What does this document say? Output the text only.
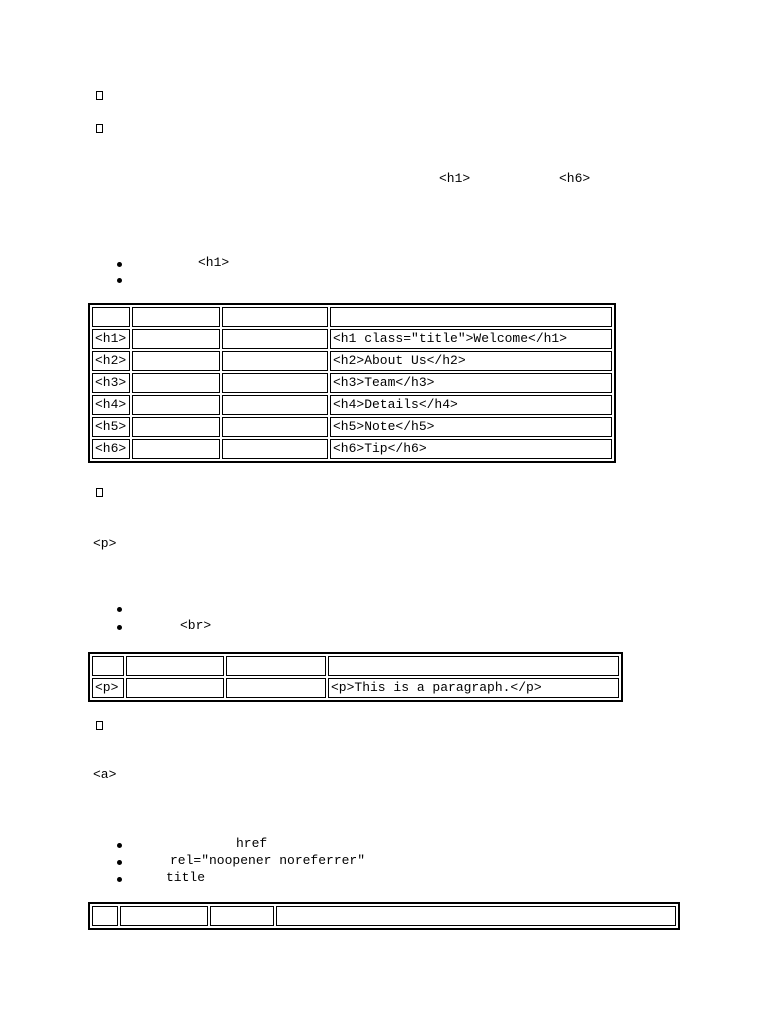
<h1>	<h6>
<h1>

<h1>			<h1 class="title">Welcome</h1>
<h2>			<h2>About Us</h2>
<h3>			<h3>Team</h3>
<h4>			<h4>Details</h4>
<h5>			<h5>Note</h5>
<h6>			<h6>Tip</h6>
<p>
<br>

<p>			<p>This is a paragraph.</p>
<a>
href
rel="noopener noreferrer"
title
